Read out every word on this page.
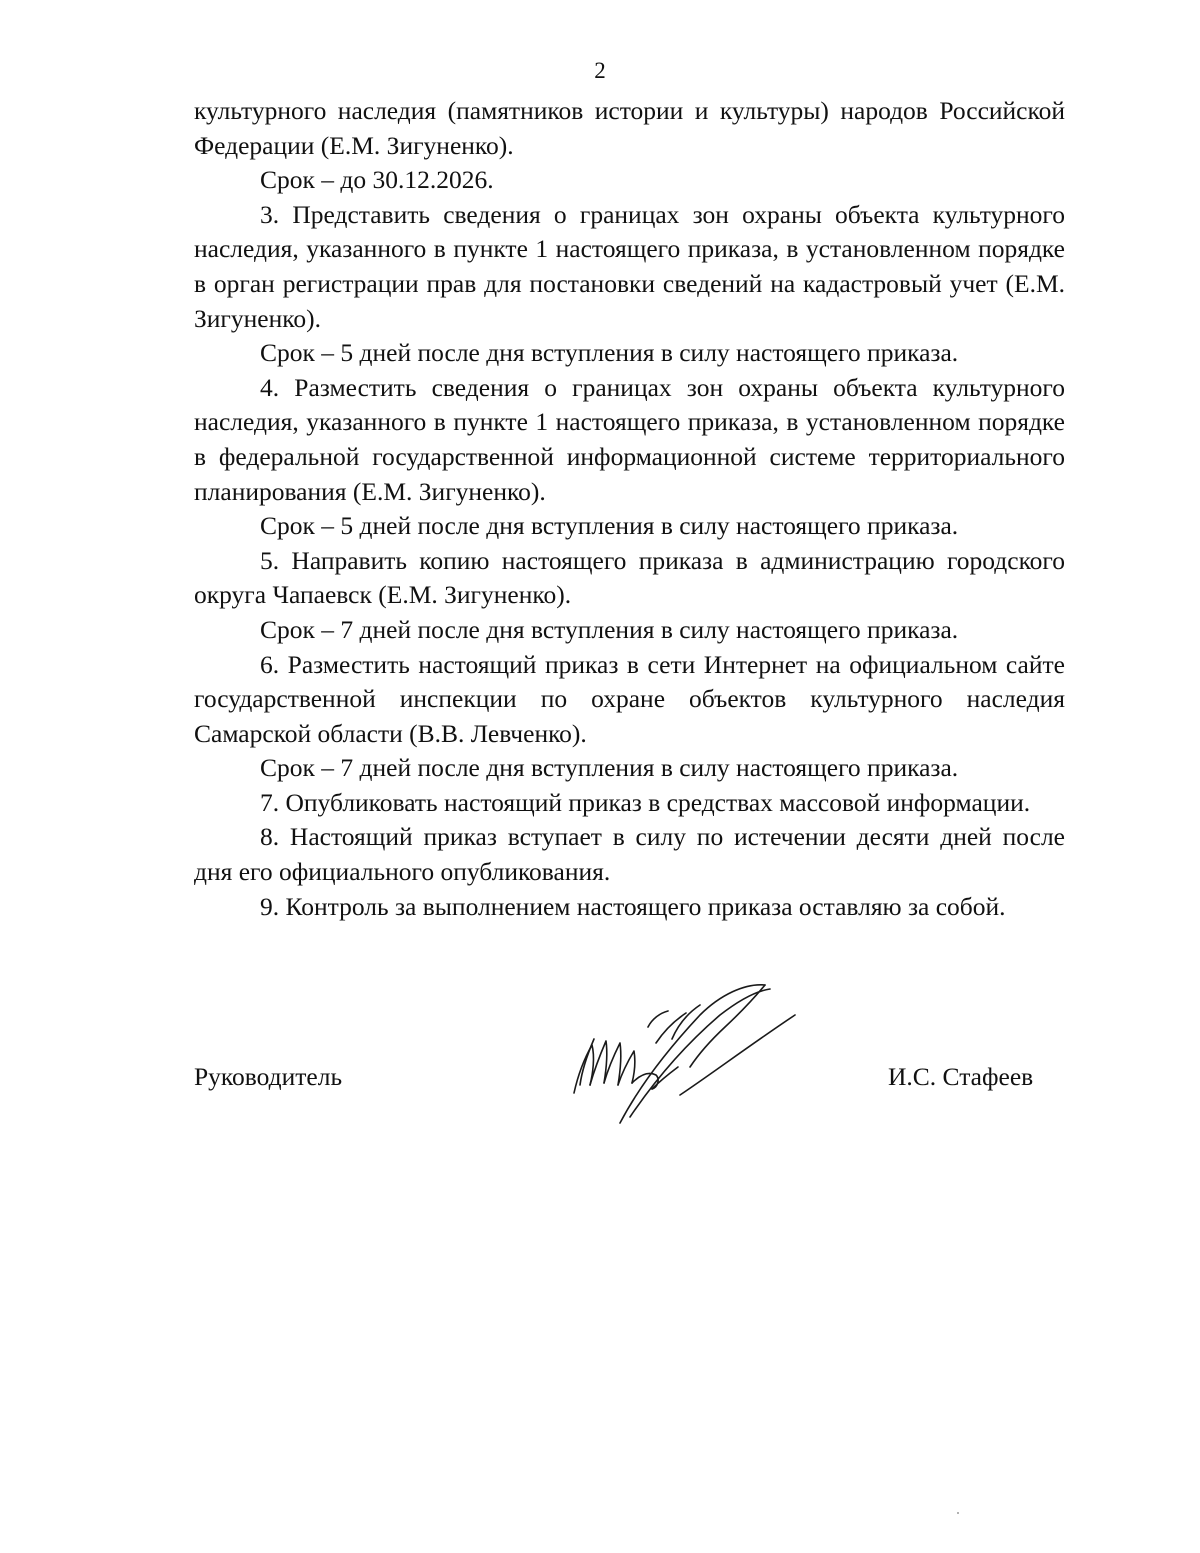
2

культурного наследия (памятников истории и культуры) народов Российской Федерации (Е.М. Зигуненко).

Срок – до 30.12.2026.

3. Представить сведения о границах зон охраны объекта культурного наследия, указанного в пункте 1 настоящего приказа, в установленном порядке в орган регистрации прав для постановки сведений на кадастровый учет (Е.М. Зигуненко).

Срок – 5 дней после дня вступления в силу настоящего приказа.

4. Разместить сведения о границах зон охраны объекта культурного наследия, указанного в пункте 1 настоящего приказа, в установленном порядке в федеральной государственной информационной системе территориального планирования (Е.М. Зигуненко).

Срок – 5 дней после дня вступления в силу настоящего приказа.

5. Направить копию настоящего приказа в администрацию городского округа Чапаевск (Е.М. Зигуненко).

Срок – 7 дней после дня вступления в силу настоящего приказа.

6. Разместить настоящий приказ в сети Интернет на официальном сайте государственной инспекции по охране объектов культурного наследия Самарской области (В.В. Левченко).

Срок – 7 дней после дня вступления в силу настоящего приказа.

7. Опубликовать настоящий приказ в средствах массовой информации.

8. Настоящий приказ вступает в силу по истечении десяти дней после дня его официального опубликования.

9. Контроль за выполнением настоящего приказа оставляю за собой.

Руководитель	И.С. Стафеев
